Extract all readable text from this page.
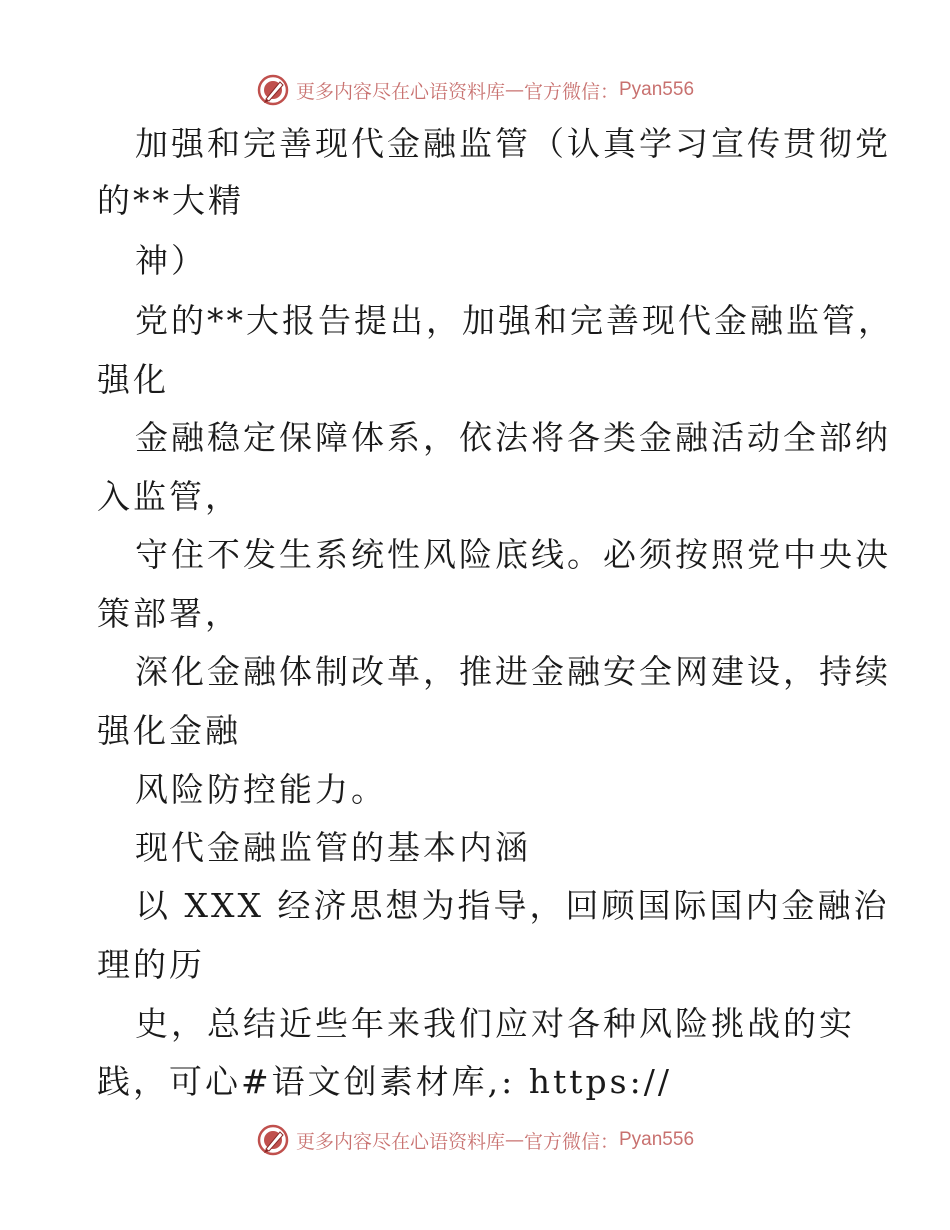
更多内容尽在心语资料库 — 官方微信： Pyan556
加强和完善现代金融监管（认真学习宣传贯彻党
的**大精
神）
党的**大报告提出，加强和完善现代金融监管，
强化
金融稳定保障体系，依法将各类金融活动全部纳
入监管，
守住不发生系统性风险底线。必须按照党中央决
策部署，
深化金融体制改革，推进金融安全网建设，持续
强化金融
风险防控能力。
现代金融监管的基本内涵
以 XXX 经济思想为指导，回顾国际国内金融治
理的历
史，总结近些年来我们应对各种风险挑战的实
践，可心#语文创素材库,: https://
更多内容尽在心语资料库 — 官方微信： Pyan556
